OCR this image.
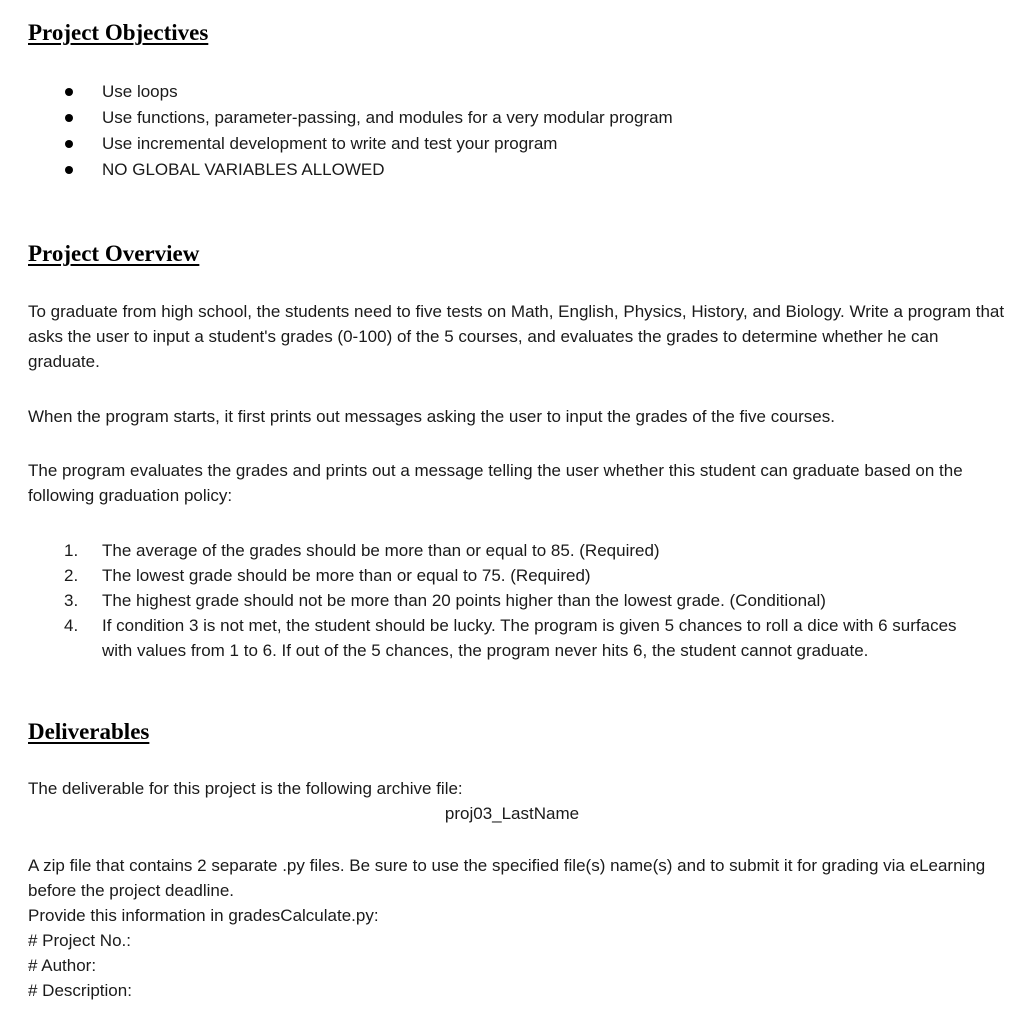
Project Objectives
Use loops
Use functions, parameter-passing, and modules for a very modular program
Use incremental development to write and test your program
NO GLOBAL VARIABLES ALLOWED
Project Overview
To graduate from high school, the students need to five tests on Math, English, Physics, History, and Biology. Write a program that asks the user to input a student's grades (0-100) of the 5 courses, and evaluates the grades to determine whether he can graduate.
When the program starts, it first prints out messages asking the user to input the grades of the five courses.
The program evaluates the grades and prints out a message telling the user whether this student can graduate based on the following graduation policy:
1. The average of the grades should be more than or equal to 85. (Required)
2. The lowest grade should be more than or equal to 75. (Required)
3. The highest grade should not be more than 20 points higher than the lowest grade. (Conditional)
4. If condition 3 is not met, the student should be lucky. The program is given 5 chances to roll a dice with 6 surfaces with values from 1 to 6. If out of the 5 chances, the program never hits 6, the student cannot graduate.
Deliverables
The deliverable for this project is the following archive file:
proj03_LastName
A zip file that contains 2 separate .py files. Be sure to use the specified file(s) name(s) and to submit it for grading via eLearning before the project deadline.
Provide this information in gradesCalculate.py:
# Project No.:
# Author:
# Description:
